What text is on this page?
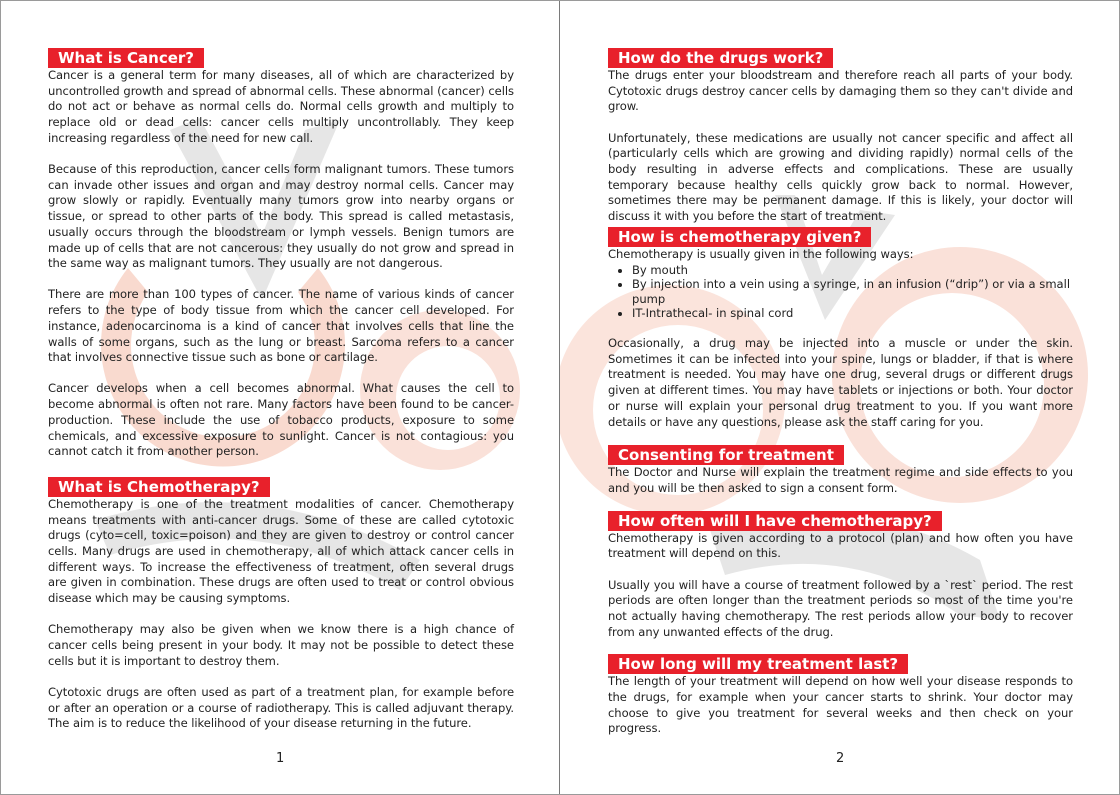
What is Cancer?

Cancer is a general term for many diseases, all of which are characterized by uncontrolled growth and spread of abnormal cells. These abnormal (cancer) cells do not act or behave as normal cells do. Normal cells growth and multiply to replace old or dead cells: cancer cells multiply uncontrollably. They keep increasing regardless of the need for new call.

Because of this reproduction, cancer cells form malignant tumors. These tumors can invade other issues and organ and may destroy normal cells. Cancer may grow slowly or rapidly. Eventually many tumors grow into nearby organs or tissue, or spread to other parts of the body. This spread is called metastasis, usually occurs through the bloodstream or lymph vessels. Benign tumors are made up of cells that are not cancerous: they usually do not grow and spread in the same way as malignant tumors. They usually are not dangerous.

There are more than 100 types of cancer. The name of various kinds of cancer refers to the type of body tissue from which the cancer cell developed. For instance, adenocarcinoma is a kind of cancer that involves cells that line the walls of some organs, such as the lung or breast. Sarcoma refers to a cancer that involves connective tissue such as bone or cartilage.

Cancer develops when a cell becomes abnormal. What causes the cell to become abnormal is often not rare. Many factors have been found to be cancer-production. These include the use of tobacco products, exposure to some chemicals, and excessive exposure to sunlight. Cancer is not contagious: you cannot catch it from another person.

What is Chemotherapy?

Chemotherapy is one of the treatment modalities of cancer. Chemotherapy means treatments with anti-cancer drugs. Some of these are called cytotoxic drugs (cyto=cell, toxic=poison) and they are given to destroy or control cancer cells. Many drugs are used in chemotherapy, all of which attack cancer cells in different ways. To increase the effectiveness of treatment, often several drugs are given in combination. These drugs are often used to treat or control obvious disease which may be causing symptoms.

Chemotherapy may also be given when we know there is a high chance of cancer cells being present in your body. It may not be possible to detect these cells but it is important to destroy them.

Cytotoxic drugs are often used as part of a treatment plan, for example before or after an operation or a course of radiotherapy. This is called adjuvant therapy. The aim is to reduce the likelihood of your disease returning in the future.

1
How do the drugs work?

The drugs enter your bloodstream and therefore reach all parts of your body. Cytotoxic drugs destroy cancer cells by damaging them so they can't divide and grow.

Unfortunately, these medications are usually not cancer specific and affect all (particularly cells which are growing and dividing rapidly) normal cells of the body resulting in adverse effects and complications. These are usually temporary because healthy cells quickly grow back to normal. However, sometimes there may be permanent damage. If this is likely, your doctor will discuss it with you before the start of treatment.

How is chemotherapy given?

Chemotherapy is usually given in the following ways:

• By mouth
• By injection into a vein using a syringe, in an infusion (“drip”) or via a small pump
• IT-Intrathecal- in spinal cord

Occasionally, a drug may be injected into a muscle or under the skin. Sometimes it can be infected into your spine, lungs or bladder, if that is where treatment is needed. You may have one drug, several drugs or different drugs given at different times. You may have tablets or injections or both. Your doctor or nurse will explain your personal drug treatment to you. If you want more details or have any questions, please ask the staff caring for you.

Consenting for treatment

The Doctor and Nurse will explain the treatment regime and side effects to you and you will be then asked to sign a consent form.

How often will I have chemotherapy?

Chemotherapy is given according to a protocol (plan) and how often you have treatment will depend on this.

Usually you will have a course of treatment followed by a `rest` period. The rest periods are often longer than the treatment periods so most of the time you're not actually having chemotherapy. The rest periods allow your body to recover from any unwanted effects of the drug.

How long will my treatment last?

The length of your treatment will depend on how well your disease responds to the drugs, for example when your cancer starts to shrink. Your doctor may choose to give you treatment for several weeks and then check on your progress.

2
